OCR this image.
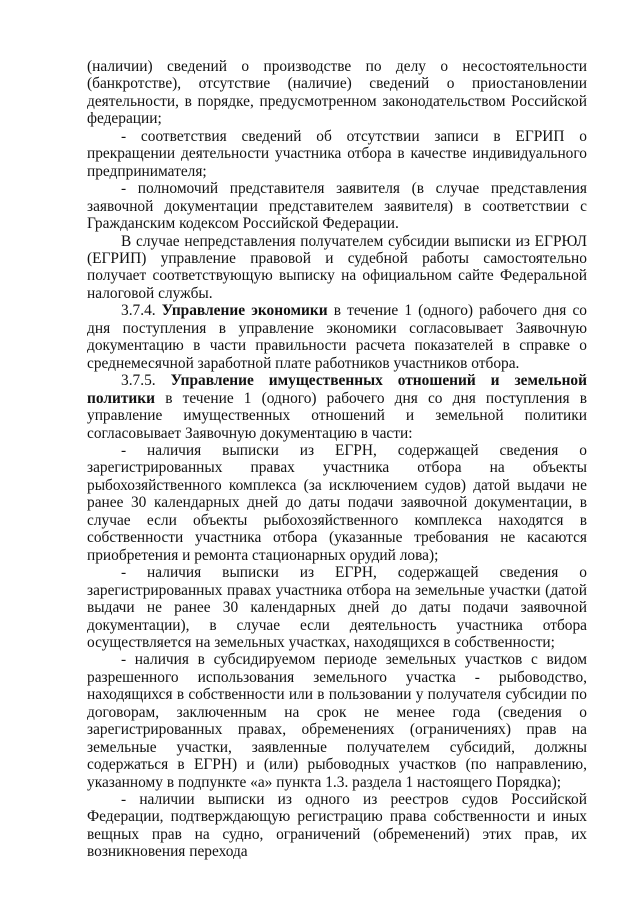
(наличии) сведений о производстве по делу о несостоятельности (банкротстве), отсутствие (наличие) сведений о приостановлении деятельности, в порядке, предусмотренном законодательством Российской федерации;

- соответствия сведений об отсутствии записи в ЕГРИП о прекращении деятельности участника отбора в качестве индивидуального предпринимателя;

- полномочий представителя заявителя (в случае представления заявочной документации представителем заявителя) в соответствии с Гражданским кодексом Российской Федерации.

В случае непредставления получателем субсидии выписки из ЕГРЮЛ (ЕГРИП) управление правовой и судебной работы самостоятельно получает соответствующую выписку на официальном сайте Федеральной налоговой службы.

3.7.4. Управление экономики в течение 1 (одного) рабочего дня со дня поступления в управление экономики согласовывает Заявочную документацию в части правильности расчета показателей в справке о среднемесячной заработной плате работников участников отбора.

3.7.5. Управление имущественных отношений и земельной политики в течение 1 (одного) рабочего дня со дня поступления в управление имущественных отношений и земельной политики согласовывает Заявочную документацию в части:

- наличия выписки из ЕГРН, содержащей сведения о зарегистрированных правах участника отбора на объекты рыбохозяйственного комплекса (за исключением судов) датой выдачи не ранее 30 календарных дней до даты подачи заявочной документации, в случае если объекты рыбохозяйственного комплекса находятся в собственности участника отбора (указанные требования не касаются приобретения и ремонта стационарных орудий лова);

- наличия выписки из ЕГРН, содержащей сведения о зарегистрированных правах участника отбора на земельные участки (датой выдачи не ранее 30 календарных дней до даты подачи заявочной документации), в случае если деятельность участника отбора осуществляется на земельных участках, находящихся в собственности;

- наличия в субсидируемом периоде земельных участков с видом разрешенного использования земельного участка - рыбоводство, находящихся в собственности или в пользовании у получателя субсидии по договорам, заключенным на срок не менее года (сведения о зарегистрированных правах, обременениях (ограничениях) прав на земельные участки, заявленные получателем субсидий, должны содержаться в ЕГРН) и (или) рыбоводных участков (по направлению, указанному в подпункте «а» пункта 1.3. раздела 1 настоящего Порядка);

- наличии выписки из одного из реестров судов Российской Федерации, подтверждающую регистрацию права собственности и иных вещных прав на судно, ограничений (обременений) этих прав, их возникновения перехода
